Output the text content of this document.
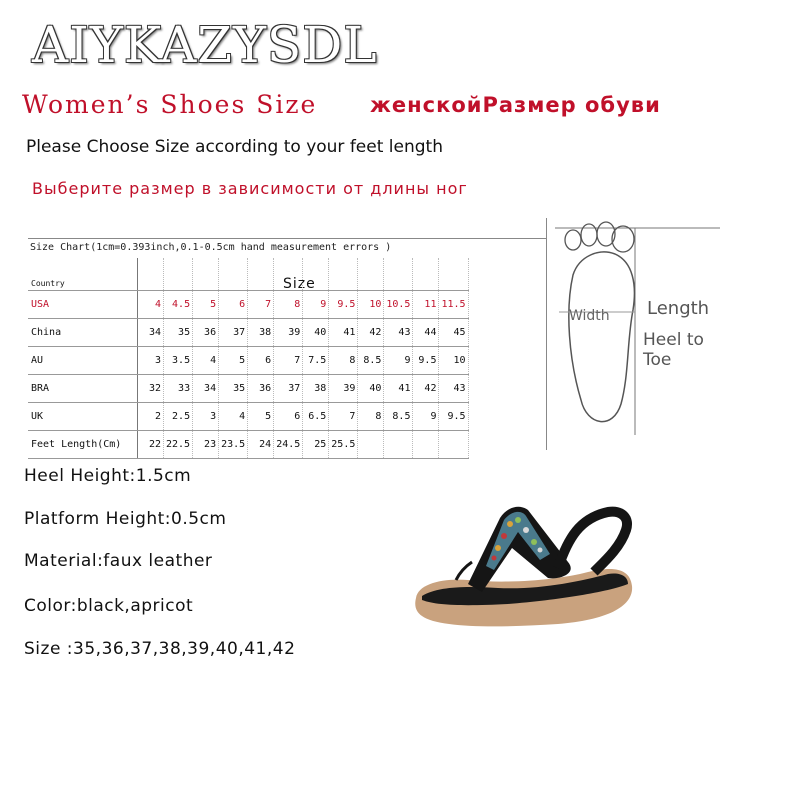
AIYKAZYSDL
Women’s Shoes Size	женскойРазмер обуви
Please Choose Size according to your feet length
Выберите размер в зависимости от длины ног
Size Chart(1cm=0.393inch,0.1-0.5cm hand measurement errors )
Size
$_{Country}$												
USA	4	4.5	5	6	7	8	9	9.5	10	10.5	11	11.5
China	34	35	36	37	38	39	40	41	42	43	44	45
AU	3	3.5	4	5	6	7	7.5	8	8.5	9	9.5	10
BRA	32	33	34	35	36	37	38	39	40	41	42	43
UK	2	2.5	3	4	5	6	6.5	7	8	8.5	9	9.5
Feet Length(Cm)	22	22.5	23	23.5	24	24.5	25	25.5				
Width Length
Heel to Toe
Heel Height:1.5cm
Platform Height:0.5cm
Material:faux leather
Color:black,apricot
Size :35,36,37,38,39,40,41,42
